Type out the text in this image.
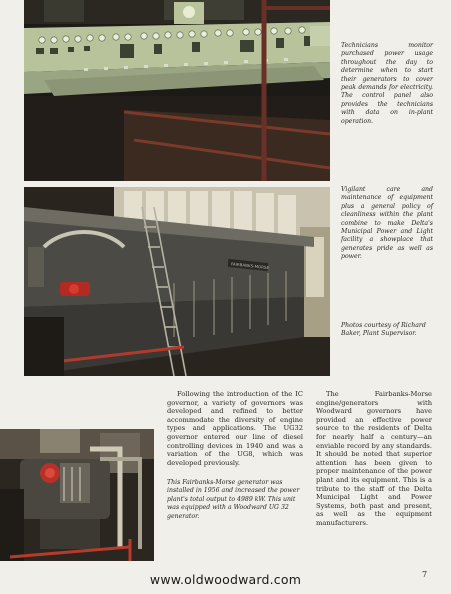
Technicians monitor purchased power usage throughout the day to determine when to start their generators to cover peak demands for electricity. The control panel also provides the technicians with data on in-plant operation.
FAIRBANKS-MORSE
Vigilant care and maintenance of equipment plus a general policy of cleanliness within the plant combine to make Delta's Municipal Power and Light facility a showplace that generates pride as well as power.
Photos courtesy of Richard Baker, Plant Supervisor.

Following the introduction of the IC governor, a variety of governors was developed and refined to better accommodate the diversity of engine types and applications. The UG32 governor entered our line of diesel controlling devices in 1940 and was a variation of the UG8, which was developed previously.

The Fairbanks-Morse engine/generators with Woodward governors have provided an effective power source to the residents of Delta for nearly half a century—an enviable record by any standards. It should be noted that superior attention has been given to proper maintenance of the power plant and its equipment. This is a tribute to the staff of the Delta Municipal Light and Power Systems, both past and present, as well as the equipment manufacturers.

This Fairbanks-Morse generator was installed in 1956 and increased the power plant's total output to 4989 kW. This unit was equipped with a Woodward UG 32 generator.
www.oldwoodward.com	7
